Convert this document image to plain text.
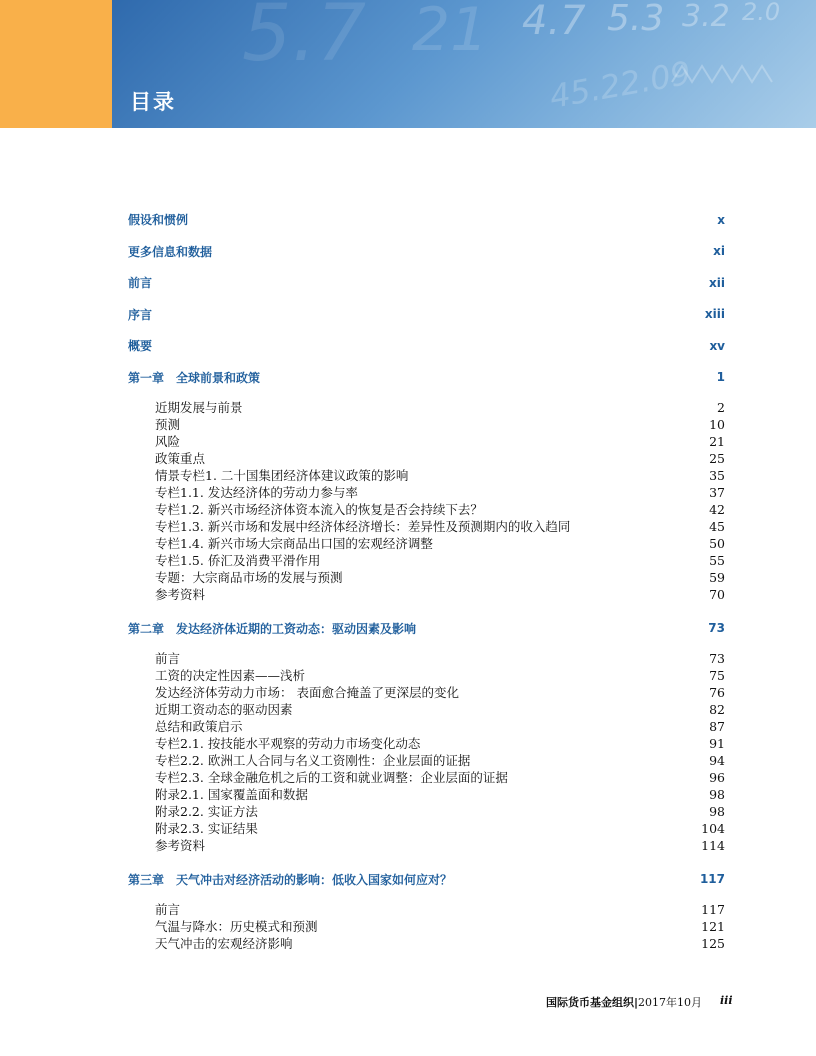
5.7 21 4.7 5.3 3.2 2.0
45.22.09
目录
假设和惯例	x
更多信息和数据	xi
前言	xii
序言	xiii
概要	xv
第一章　全球前景和政策	1
近期发展与前景	2
预测	10
风险	21
政策重点	25
情景专栏1. 二十国集团经济体建议政策的影响	35
专栏1.1. 发达经济体的劳动力参与率	37
专栏1.2. 新兴市场经济体资本流入的恢复是否会持续下去？	42
专栏1.3. 新兴市场和发展中经济体经济增长：差异性及预测期内的收入趋同	45
专栏1.4. 新兴市场大宗商品出口国的宏观经济调整	50
专栏1.5. 侨汇及消费平滑作用	55
专题：大宗商品市场的发展与预测	59
参考资料	70
第二章　发达经济体近期的工资动态：驱动因素及影响	73
前言	73
工资的决定性因素——浅析	75
发达经济体劳动力市场： 表面愈合掩盖了更深层的变化	76
近期工资动态的驱动因素	82
总结和政策启示	87
专栏2.1. 按技能水平观察的劳动力市场变化动态	91
专栏2.2. 欧洲工人合同与名义工资刚性：企业层面的证据	94
专栏2.3. 全球金融危机之后的工资和就业调整：企业层面的证据	96
附录2.1. 国家覆盖面和数据	98
附录2.2. 实证方法	98
附录2.3. 实证结果	104
参考资料	114
第三章　天气冲击对经济活动的影响：低收入国家如何应对？	117
前言	117
气温与降水：历史模式和预测	121
天气冲击的宏观经济影响	125
国际货币基金组织|2017年10月 iii
